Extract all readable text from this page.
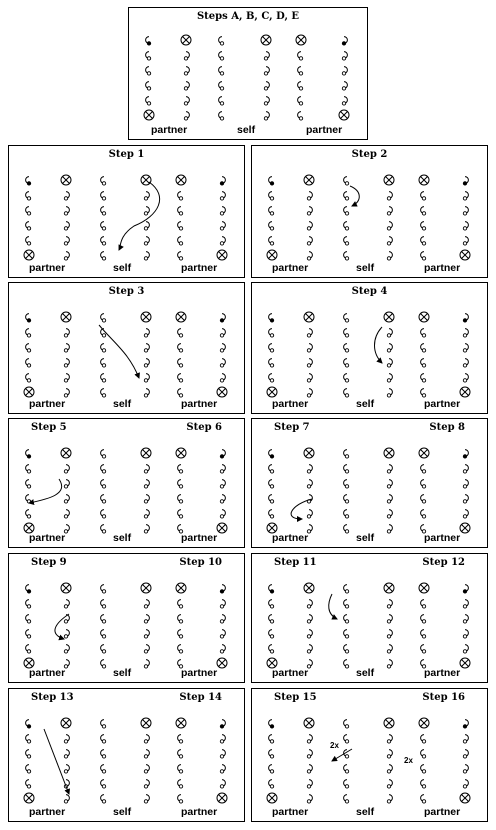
Steps A, B, C, D, E
partner	self	partner
Step 1
partner	self	partner
Step 2
partner	self	partner
Step 3
partner	self	partner
Step 4
partner	self	partner
Step 5	Step 6
partner	self	partner
Step 7	Step 8
partner	self	partner
Step 9	Step 10
partner	self	partner
Step 11	Step 12
partner	self	partner
Step 13	Step 14
partner	self	partner
Step 15	Step 16
2x
2x
partner	self	partner
